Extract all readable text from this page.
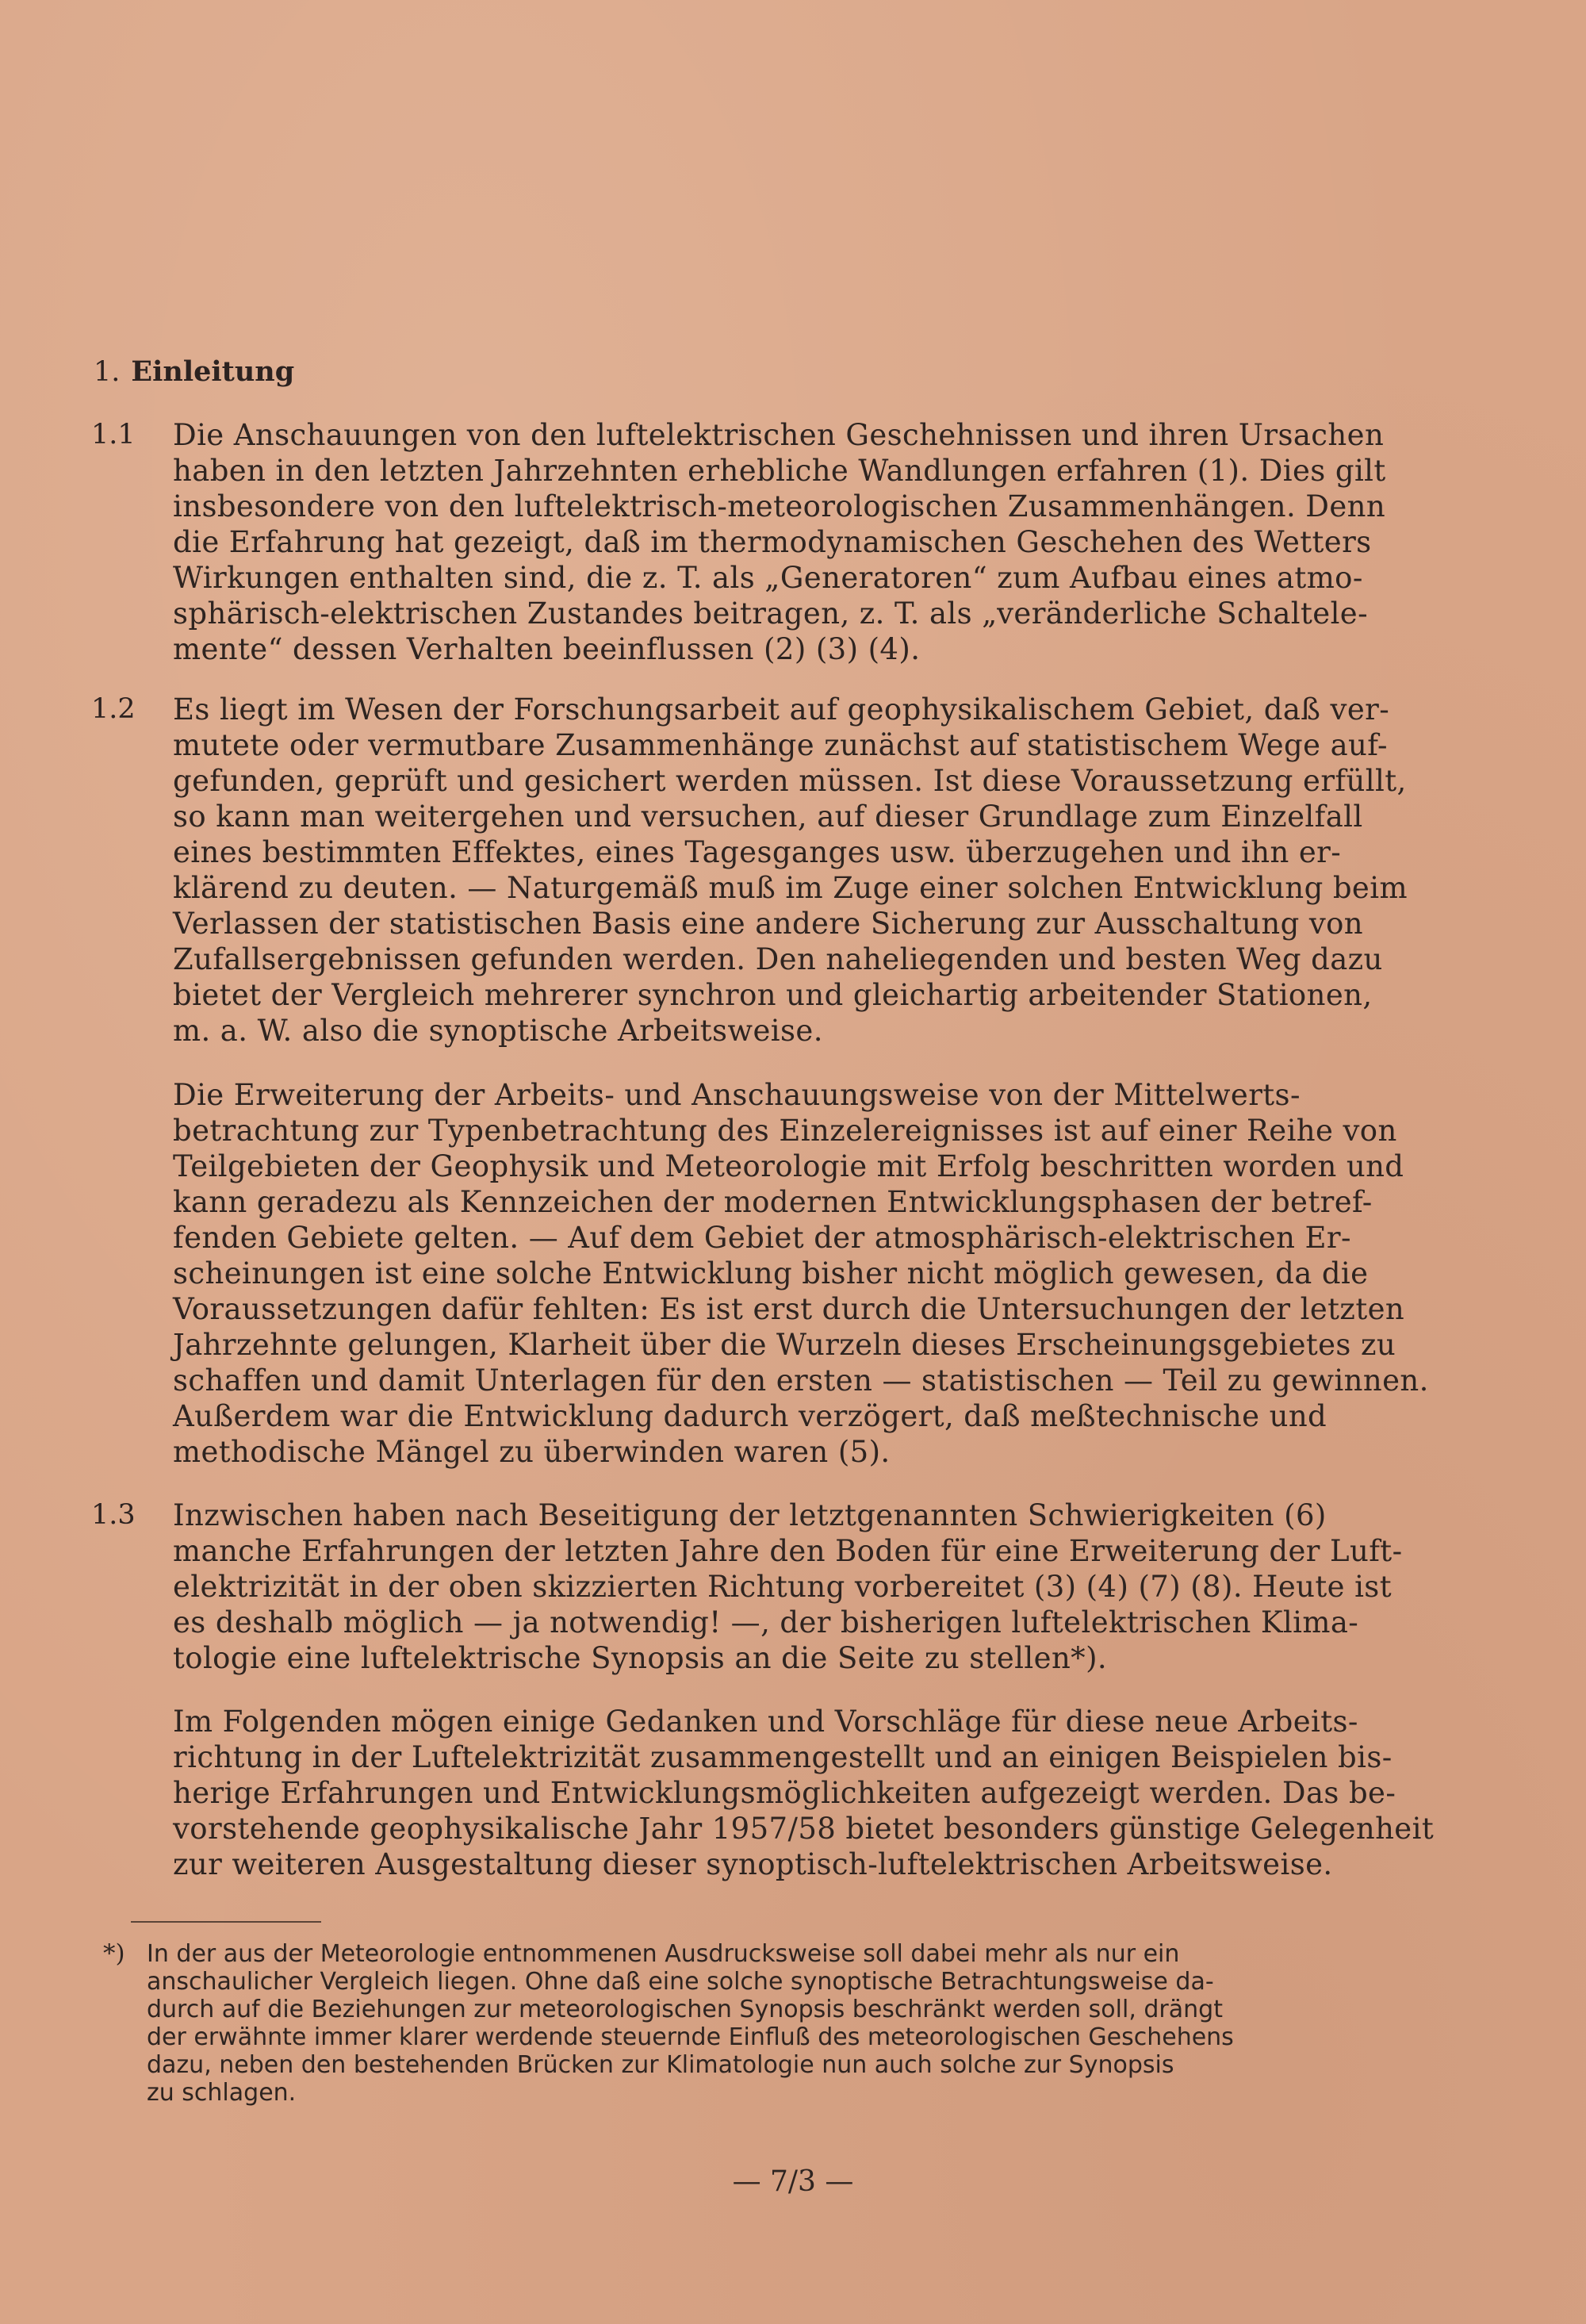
1. Einleitung
1.1 Die Anschauungen von den luftelektrischen Geschehnissen und ihren Ursachen
haben in den letzten Jahrzehnten erhebliche Wandlungen erfahren (1). Dies gilt
insbesondere von den luftelektrisch-meteorologischen Zusammenhängen. Denn
die Erfahrung hat gezeigt, daß im thermodynamischen Geschehen des Wetters
Wirkungen enthalten sind, die z. T. als „Generatoren“ zum Aufbau eines atmo-
sphärisch-elektrischen Zustandes beitragen, z. T. als „veränderliche Schaltele-
mente“ dessen Verhalten beeinflussen (2) (3) (4).
1.2 Es liegt im Wesen der Forschungsarbeit auf geophysikalischem Gebiet, daß ver-
mutete oder vermutbare Zusammenhänge zunächst auf statistischem Wege auf-
gefunden, geprüft und gesichert werden müssen. Ist diese Voraussetzung erfüllt,
so kann man weitergehen und versuchen, auf dieser Grundlage zum Einzelfall
eines bestimmten Effektes, eines Tagesganges usw. überzugehen und ihn er-
klärend zu deuten. — Naturgemäß muß im Zuge einer solchen Entwicklung beim
Verlassen der statistischen Basis eine andere Sicherung zur Ausschaltung von
Zufallsergebnissen gefunden werden. Den naheliegenden und besten Weg dazu
bietet der Vergleich mehrerer synchron und gleichartig arbeitender Stationen,
m. a. W. also die synoptische Arbeitsweise.
Die Erweiterung der Arbeits- und Anschauungsweise von der Mittelwerts-
betrachtung zur Typenbetrachtung des Einzelereignisses ist auf einer Reihe von
Teilgebieten der Geophysik und Meteorologie mit Erfolg beschritten worden und
kann geradezu als Kennzeichen der modernen Entwicklungsphasen der betref-
fenden Gebiete gelten. — Auf dem Gebiet der atmosphärisch-elektrischen Er-
scheinungen ist eine solche Entwicklung bisher nicht möglich gewesen, da die
Voraussetzungen dafür fehlten: Es ist erst durch die Untersuchungen der letzten
Jahrzehnte gelungen, Klarheit über die Wurzeln dieses Erscheinungsgebietes zu
schaffen und damit Unterlagen für den ersten — statistischen — Teil zu gewinnen.
Außerdem war die Entwicklung dadurch verzögert, daß meßtechnische und
methodische Mängel zu überwinden waren (5).
1.3 Inzwischen haben nach Beseitigung der letztgenannten Schwierigkeiten (6)
manche Erfahrungen der letzten Jahre den Boden für eine Erweiterung der Luft-
elektrizität in der oben skizzierten Richtung vorbereitet (3) (4) (7) (8). Heute ist
es deshalb möglich — ja notwendig! —, der bisherigen luftelektrischen Klima-
tologie eine luftelektrische Synopsis an die Seite zu stellen*).
Im Folgenden mögen einige Gedanken und Vorschläge für diese neue Arbeits-
richtung in der Luftelektrizität zusammengestellt und an einigen Beispielen bis-
herige Erfahrungen und Entwicklungsmöglichkeiten aufgezeigt werden. Das be-
vorstehende geophysikalische Jahr 1957/58 bietet besonders günstige Gelegenheit
zur weiteren Ausgestaltung dieser synoptisch-luftelektrischen Arbeitsweise.
*) In der aus der Meteorologie entnommenen Ausdrucksweise soll dabei mehr als nur ein
anschaulicher Vergleich liegen. Ohne daß eine solche synoptische Betrachtungsweise da-
durch auf die Beziehungen zur meteorologischen Synopsis beschränkt werden soll, drängt
der erwähnte immer klarer werdende steuernde Einfluß des meteorologischen Geschehens
dazu, neben den bestehenden Brücken zur Klimatologie nun auch solche zur Synopsis
zu schlagen.
— 7/3 —
